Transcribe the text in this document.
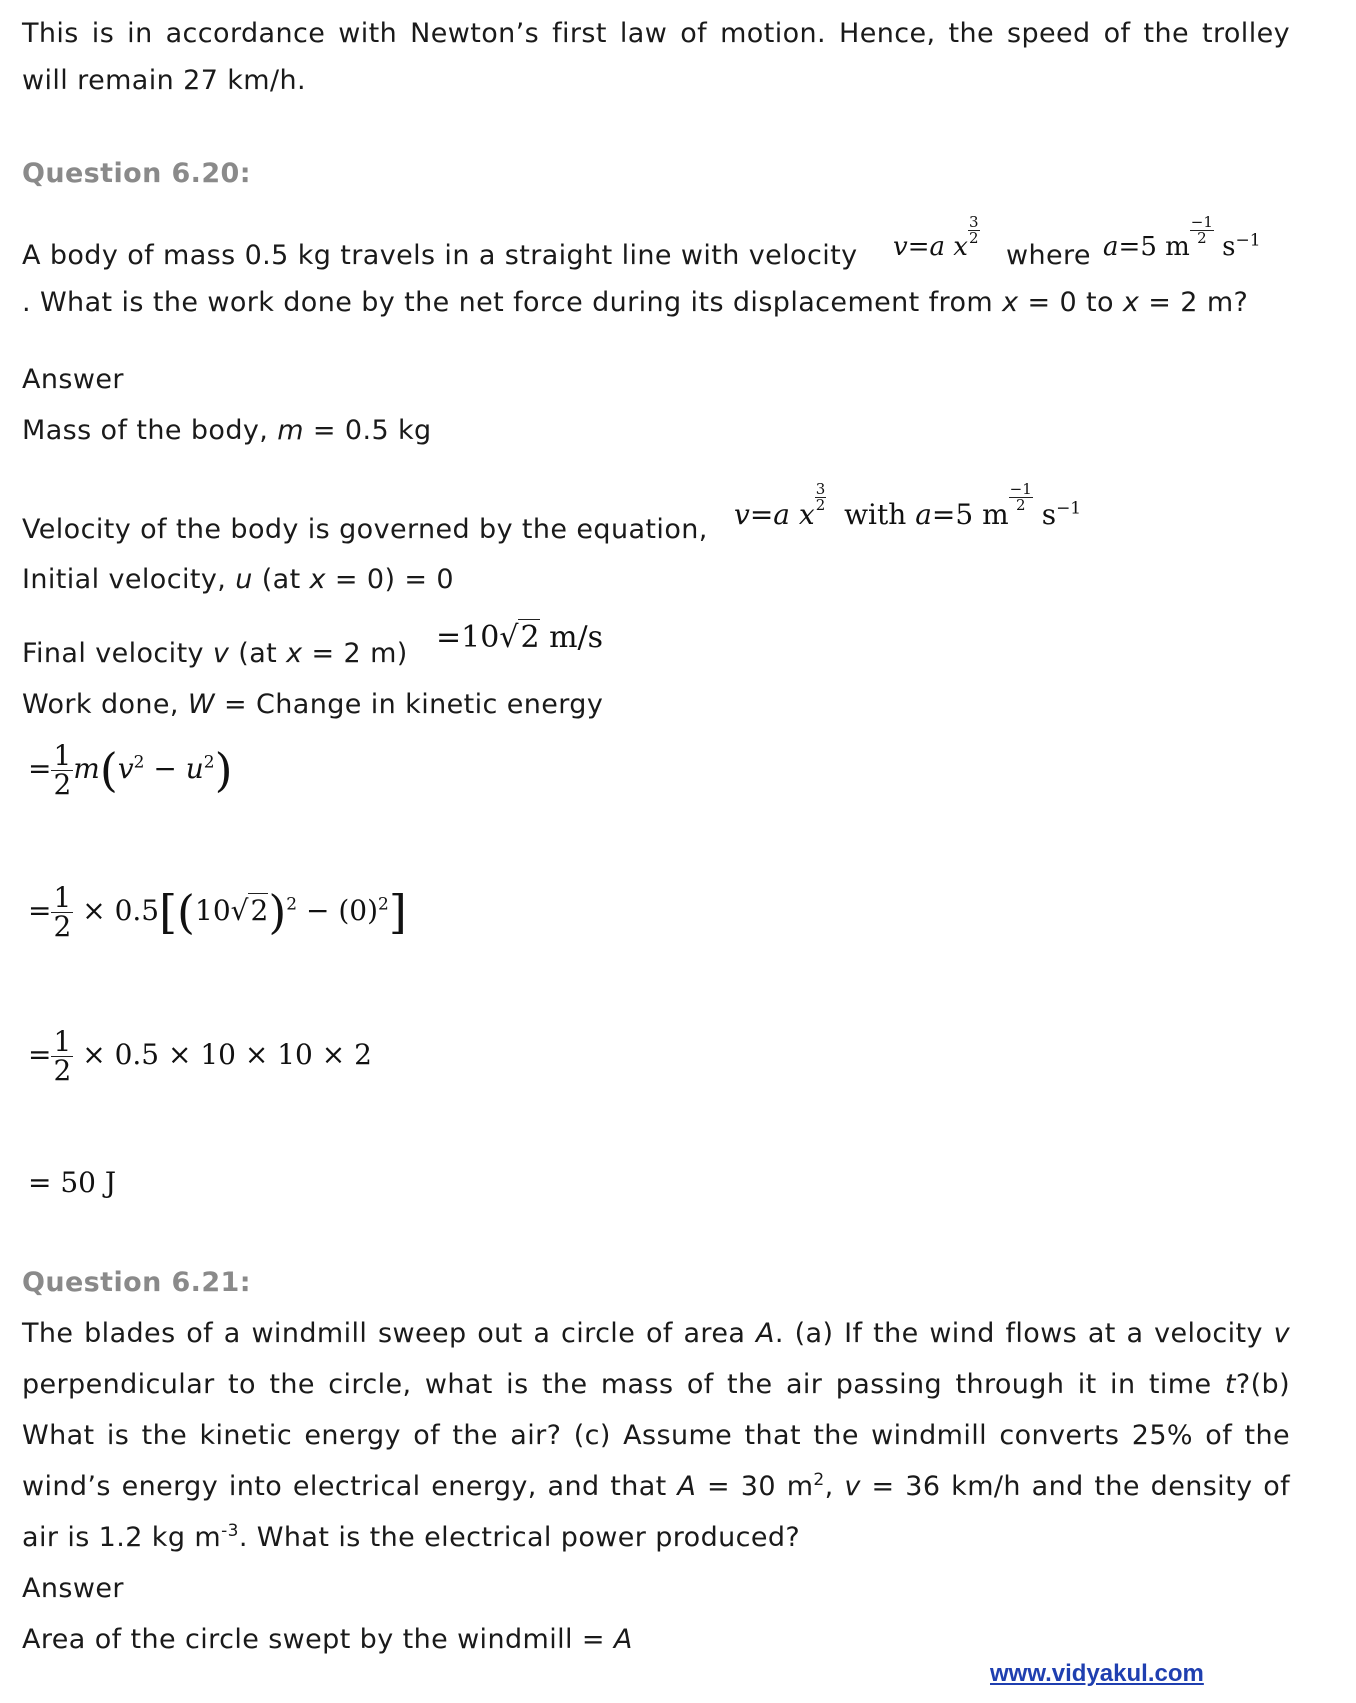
This is in accordance with Newton’s first law of motion. Hence, the speed of the trolley
will remain 27 km/h.
Question 6.20:
A body of mass 0.5 kg travels in a straight line with velocity	v=a x
$\frac{3}{2}$
where a=5 m
$\frac{-1}{2}$
$s^{-1}$
. What is the work done by the net force during its displacement from x = 0 to x = 2 m?
Answer
Mass of the body, m = 0.5 kg
Velocity of the body is governed by the equation, v=a x
$\frac{3}{2}$
with a=5 m
$\frac{-1}{2}$
$s^{-1}$
Initial velocity, u (at x = 0) = 0
Final velocity v (at x = 2 m) =10√2 m/s
Work done, W = Change in kinetic energy
= $\frac{1}{2} m(v^2 - u^2)$
= $\frac{1}{2} \times 0.5[(10√2)^2 - (0)^2]$
= $\frac{1}{2} \times 0.5 \times 10 \times 10 \times 2$
= 50 J
Question 6.21:
The blades of a windmill sweep out a circle of area A. (a) If the wind flows at a velocity v
perpendicular to the circle, what is the mass of the air passing through it in time t?(b)
What is the kinetic energy of the air? (c) Assume that the windmill converts 25% of the
wind’s energy into electrical energy, and that A = 30 $m^2$, v = 36 km/h and the density of
air is 1.2 kg $m^{-3}$. What is the electrical power produced?
Answer
Area of the circle swept by the windmill = A
www.vidyakul.com
